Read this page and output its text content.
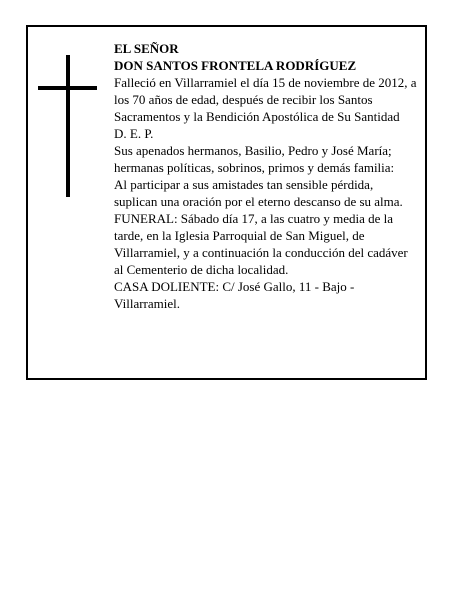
EL SEÑOR

DON SANTOS FRONTELA RODRÍGUEZ

Falleció en Villarramiel el día 15 de noviembre de 2012, a los 70 años de edad, después de recibir los Santos Sacramentos y la Bendición Apostólica de Su Santidad

D. E. P.

Sus apenados hermanos, Basilio, Pedro y José María; hermanas políticas, sobrinos, primos y demás familia:

Al participar a sus amistades tan sensible pérdida, suplican una oración por el eterno descanso de su alma.

FUNERAL: Sábado día 17, a las cuatro y media de la tarde, en la Iglesia Parroquial de San Miguel, de Villarramiel, y a continuación la conducción del cadáver al Cementerio de dicha localidad.

CASA DOLIENTE: C/ José Gallo, 11 - Bajo - Villarramiel.
